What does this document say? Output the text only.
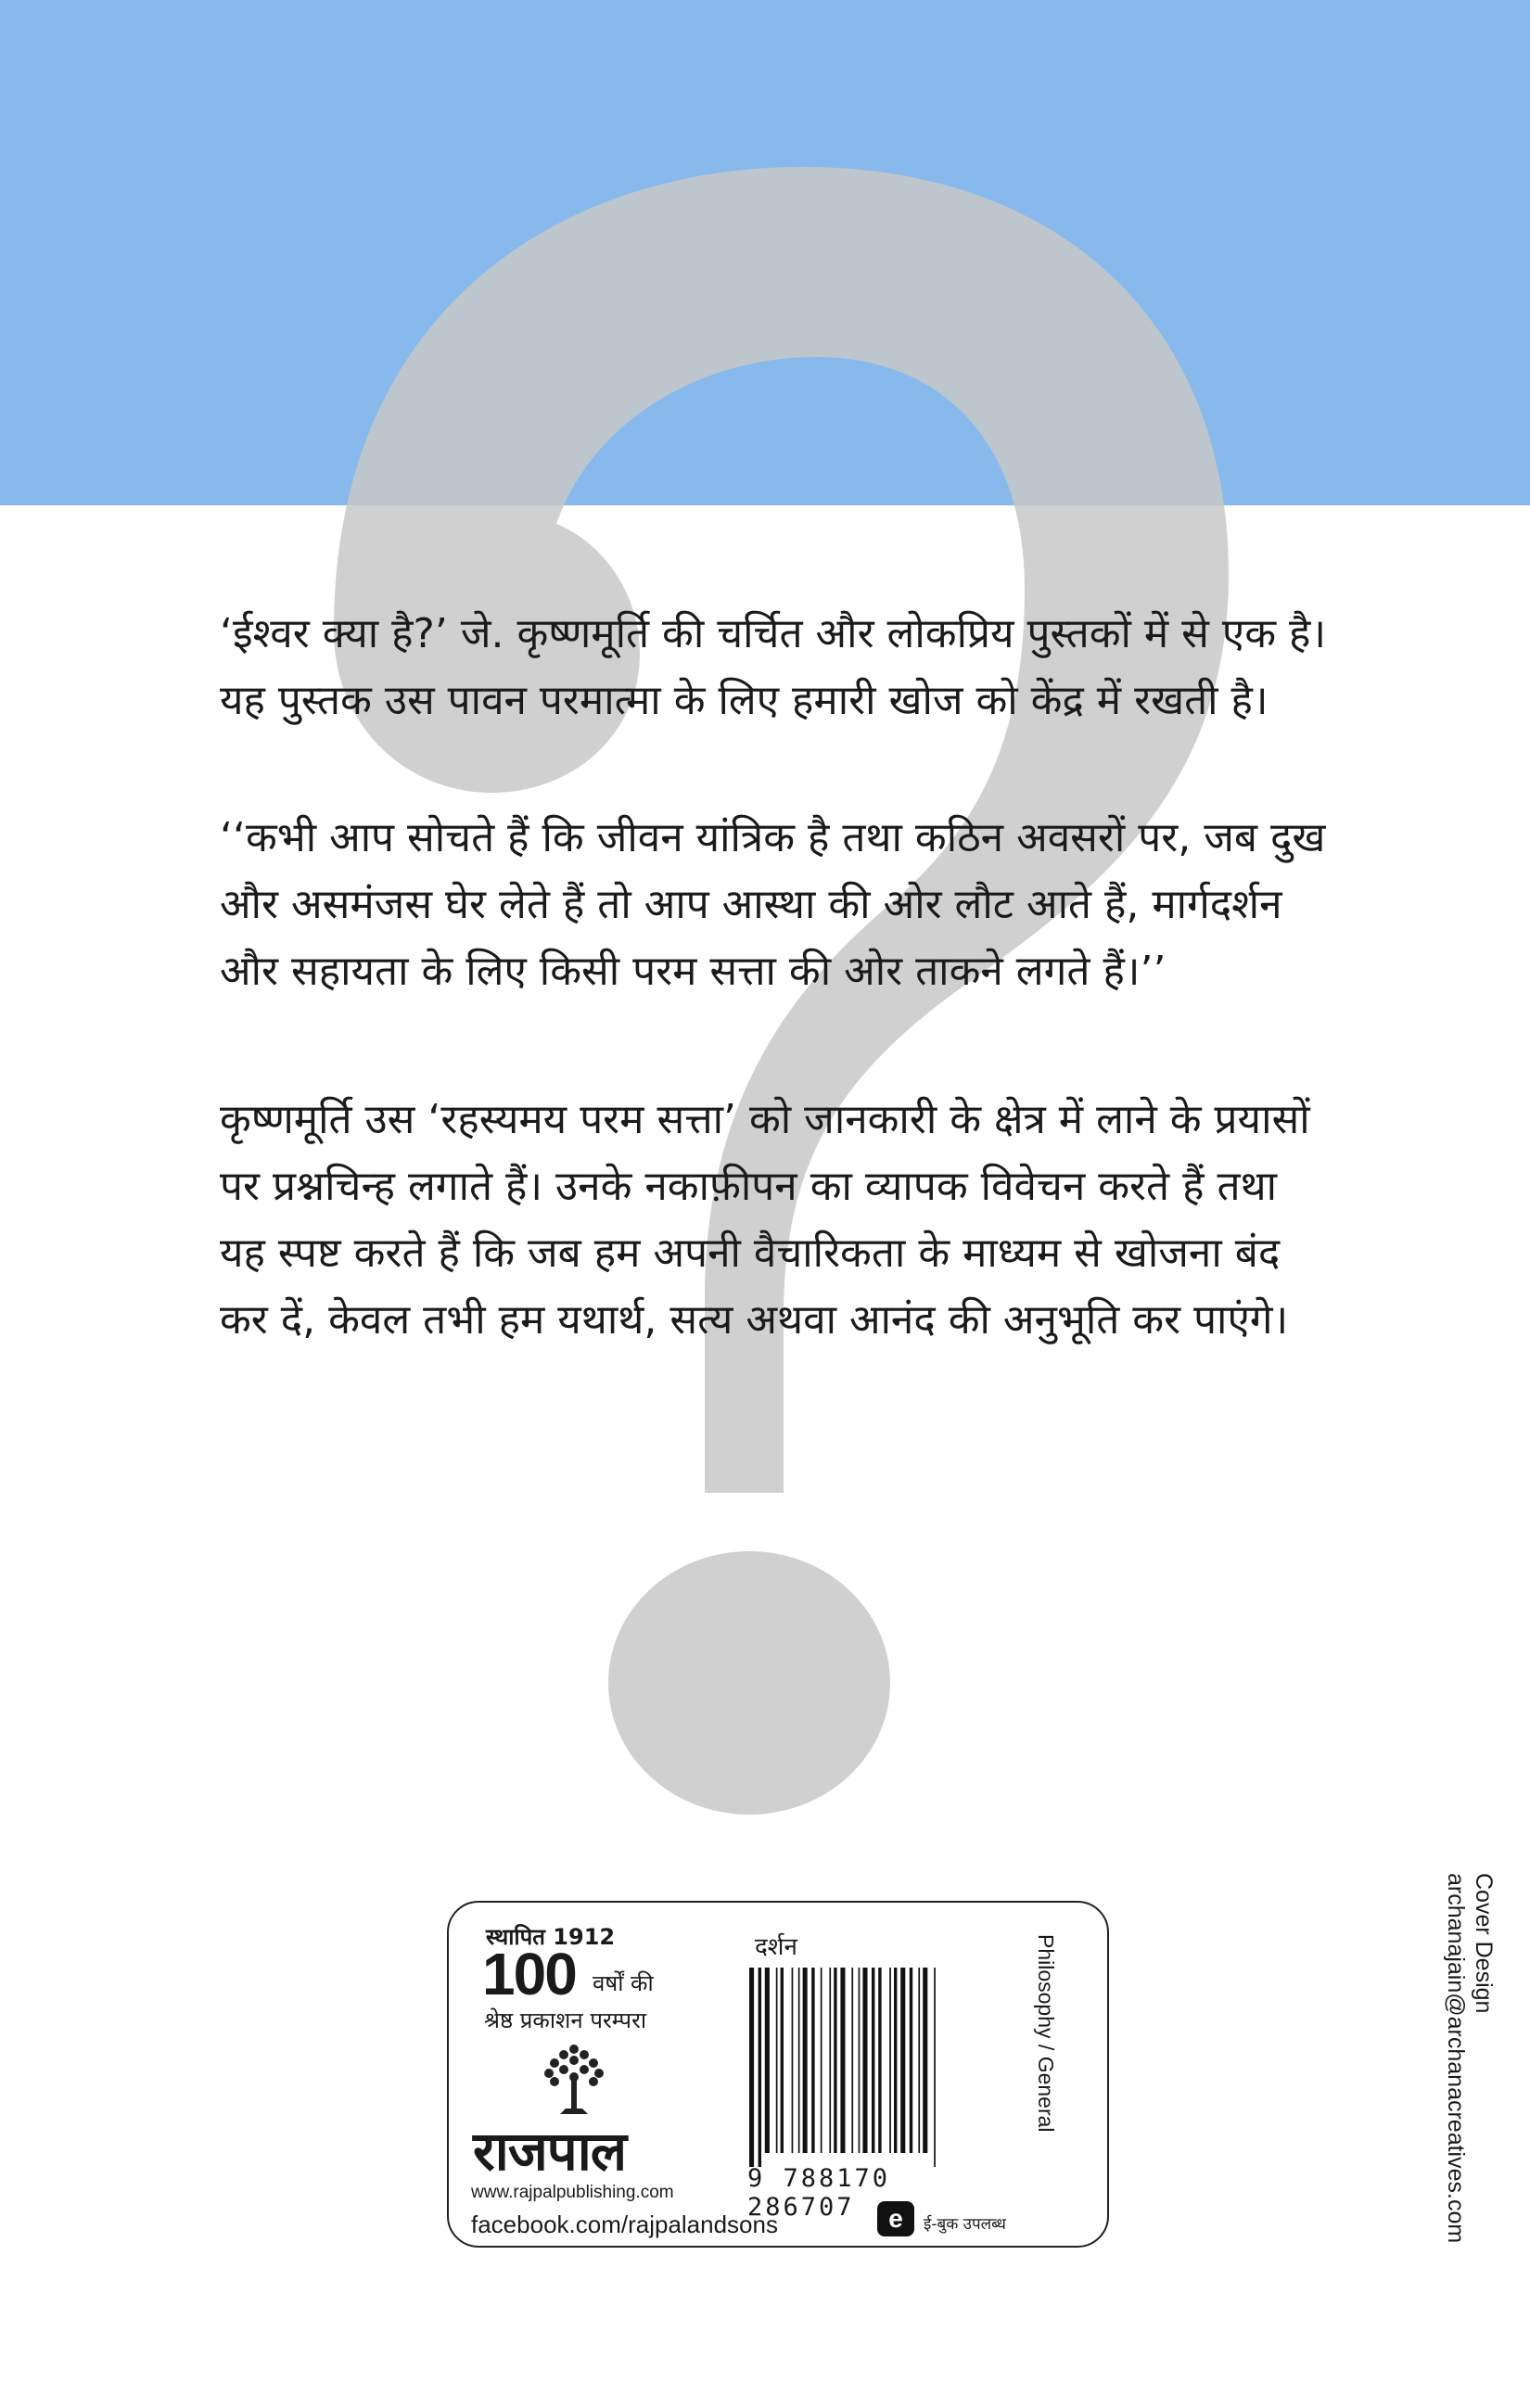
‘ईश्वर क्या है?’ जे. कृष्णमूर्ति की चर्चित और लोकप्रिय पुस्तकों में से एक है।
यह पुस्तक उस पावन परमात्मा के लिए हमारी खोज को केंद्र में रखती है।
‘‘कभी आप सोचते हैं कि जीवन यांत्रिक है तथा कठिन अवसरों पर, जब दुख
और असमंजस घेर लेते हैं तो आप आस्था की ओर लौट आते हैं, मार्गदर्शन
और सहायता के लिए किसी परम सत्ता की ओर ताकने लगते हैं।’’
कृष्णमूर्ति उस ‘रहस्यमय परम सत्ता’ को जानकारी के क्षेत्र में लाने के प्रयासों
पर प्रश्नचिन्ह लगाते हैं। उनके नकाफ़ीपन का व्यापक विवेचन करते हैं तथा
यह स्पष्ट करते हैं कि जब हम अपनी वैचारिकता के माध्यम से खोजना बंद
कर दें, केवल तभी हम यथार्थ, सत्य अथवा आनंद की अनुभूति कर पाएंगे।
स्थापित 1912
100 वर्षों की
श्रेष्ठ प्रकाशन परम्परा
राजपाल
www.rajpalpublishing.com
facebook.com/rajpalandsons
दर्शन
9 788170 286707	e	ई-बुक उपलब्ध
Philosophy / General	Cover Design
archanajain@archanacreatives.com
